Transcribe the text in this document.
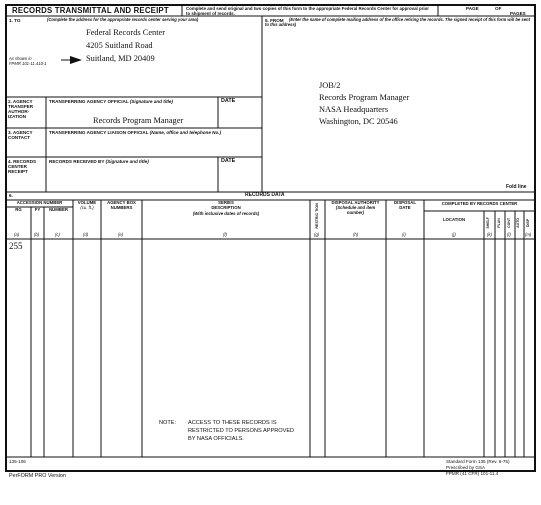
RECORDS TRANSMITTAL AND RECEIPT	Complete and send original and two copies of this form to the appropriate Federal Records Center for approval prior to shipment of records.
PAGE	OF
PAGES
1. TO	(Complete the address for the appropriate records center serving your area)
As shown in
FPMR 101-11.410-1
Federal Records Center
4205 Suitland Road
Suitland, MD 20409
5. FROM	(Enter the name of complete mailing address of the office retiring the records. The signed receipt of this form will be sent to this address)
JOB/2
Records Program Manager
NASA Headquarters
Washington, DC 20546
2. AGENCY TRANSFER AUTHOR- IZATION
TRANSFERRING AGENCY OFFICIAL (Signature and title)	DATE
Records Program Manager
3. AGENCY CONTACT
TRANSFERRING AGENCY LIAISON OFFICIAL (Name, office and telephone No.)
4. RECORDS CENTER RECEIPT
RECORDS RECEIVED BY (Signature and title)	DATE
Fold line
6.	RECORDS DATA
ACCESSION NUMBER
RG	FY	NUMBER
VOLUME
(cu. ft.)
AGENCY BOX NUMBERS
SERIES DESCRIPTION
(With inclusive dates of records)	RESTRIC TION
DISPOSAL AUTHORITY
(Schedule and item number)
DISPOSAL DATE
COMPLETED BY RECORDS CENTER
LOCATION	SHELF PLAN CONT AUTO DISP
(a)	(b)	(c)	(d)	(e)	(f)	(g)	(h)	(i)	(j)	(k)	(l)	(m)
255
NOTE: ACCESS TO THESE RECORDS IS
RESTRICTED TO PERSONS APPROVED
BY NASA OFFICIALS.
135-106
PerFORM PRO Version
Standard Form 135 (Rev. 8-75)
Prescribed by GSA
FPMR (41 CFR) 101-11.4
